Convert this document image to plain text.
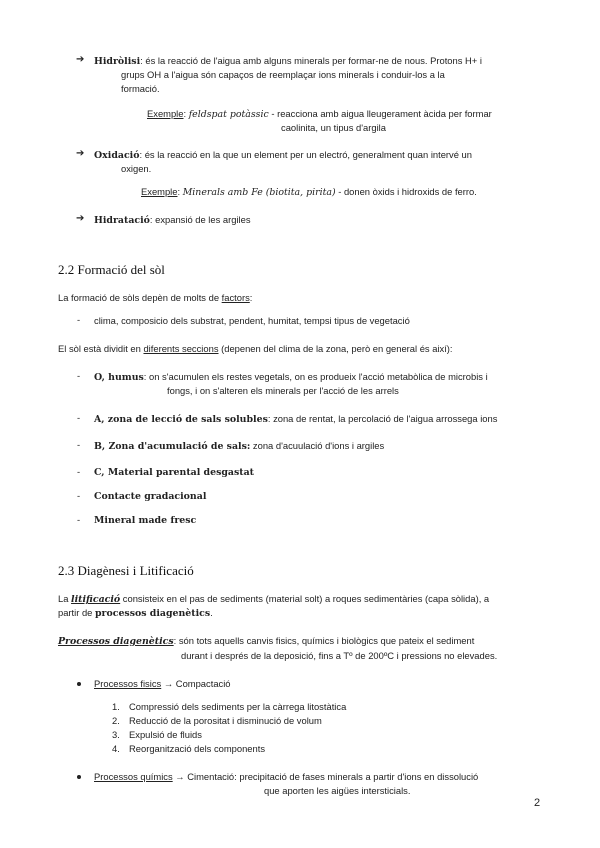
➔ Hidròlisi: és la reacció de l'aigua amb alguns minerals per formar-ne de nous. Protons H+ i
grups OH a l'aigua són capaços de reemplaçar ions minerals i conduir-los a la
formació.
Exemple: feldspat potàssic - reacciona amb aigua lleugerament àcida per formar
caolinita, un tipus d'argila
➔ Oxidació: és la reacció en la que un element per un electró, generalment quan intervé un
oxigen.
Exemple: Minerals amb Fe (biotita, pirita) - donen òxids i hidroxids de ferro.
➔ Hidratació: expansió de les argiles
2.2 Formació del sòl
La formació de sòls depèn de molts de factors:
- clima, composicio dels substrat, pendent, humitat, tempsi tipus de vegetació
El sòl està dividit en diferents seccions (depenen del clima de la zona, però en general és així):
- O, humus: on s'acumulen els restes vegetals, on es produeix l'acció metabòlica de microbis i
fongs, i on s'alteren els minerals per l'acció de les arrels
- A, zona de lecció de sals solubles: zona de rentat, la percolació de l'aigua arrossega ions
- B, Zona d'acumulació de sals: zona d'acuulació d'ions i argiles
- C, Material parental desgastat
- Contacte gradacional
- Mineral made fresc
2.3 Diagènesi i Litificació
La litificació consisteix en el pas de sediments (material solt) a roques sedimentàries (capa sòlida), a
partir de processos diagenètics.
Processos diagenètics: són tots aquells canvis fisics, químics i biològics que pateix el sediment
durant i després de la deposició, fins a Tº de 200ºC i pressions no elevades.
Processos fisics → Compactació
1. Compressió dels sediments per la càrrega litostàtica
2. Reducció de la porositat i disminució de volum
3. Expulsió de fluids
4. Reorganització dels components
Processos químics → Cimentació: precipitació de fases minerals a partir d'ions en dissolució
que aporten les aigües intersticials.
2
